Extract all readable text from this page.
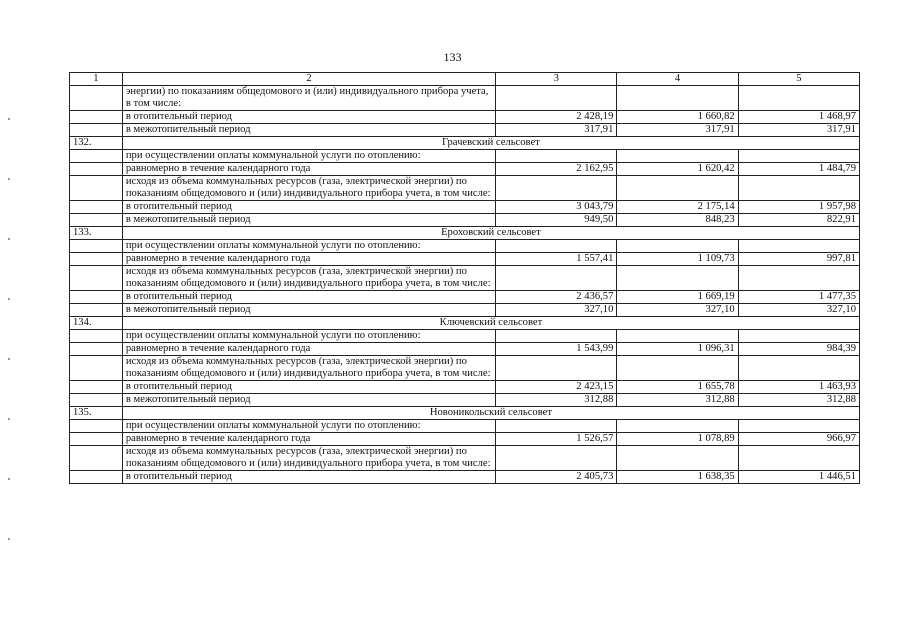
133
1	2	3	4	5
	энергии) по показаниям общедомового и (или) индивидуального прибора учета, в том числе:			
	в отопительный период	2 428,19	1 660,82	1 468,97
	в межотопительный период	317,91	317,91	317,91
132.	Грачевский сельсовет			
	при осуществлении оплаты коммунальной услуги по отоплению:			
	равномерно в течение календарного года	2 162,95	1 620,42	1 484,79
	исходя из объема коммунальных ресурсов (газа, электрической энергии) по показаниям общедомового и (или) индивидуального прибора учета, в том числе:			
	в отопительный период	3 043,79	2 175,14	1 957,98
	в межотопительный период	949,50	848,23	822,91
133.	Ероховский сельсовет			
	при осуществлении оплаты коммунальной услуги по отоплению:			
	равномерно в течение календарного года	1 557,41	1 109,73	997,81
	исходя из объема коммунальных ресурсов (газа, электрической энергии) по показаниям общедомового и (или) индивидуального прибора учета, в том числе:			
	в отопительный период	2 436,57	1 669,19	1 477,35
	в межотопительный период	327,10	327,10	327,10
134.	Ключевский сельсовет			
	при осуществлении оплаты коммунальной услуги по отоплению:			
	равномерно в течение календарного года	1 543,99	1 096,31	984,39
	исходя из объема коммунальных ресурсов (газа, электрической энергии) по показаниям общедомового и (или) индивидуального прибора учета, в том числе:			
	в отопительный период	2 423,15	1 655,78	1 463,93
	в межотопительный период	312,88	312,88	312,88
135.	Новоникольский сельсовет			
	при осуществлении оплаты коммунальной услуги по отоплению:			
	равномерно в течение календарного года	1 526,57	1 078,89	966,97
	исходя из объема коммунальных ресурсов (газа, электрической энергии) по показаниям общедомового и (или) индивидуального прибора учета, в том числе:			
	в отопительный период	2 405,73	1 638,35	1 446,51
